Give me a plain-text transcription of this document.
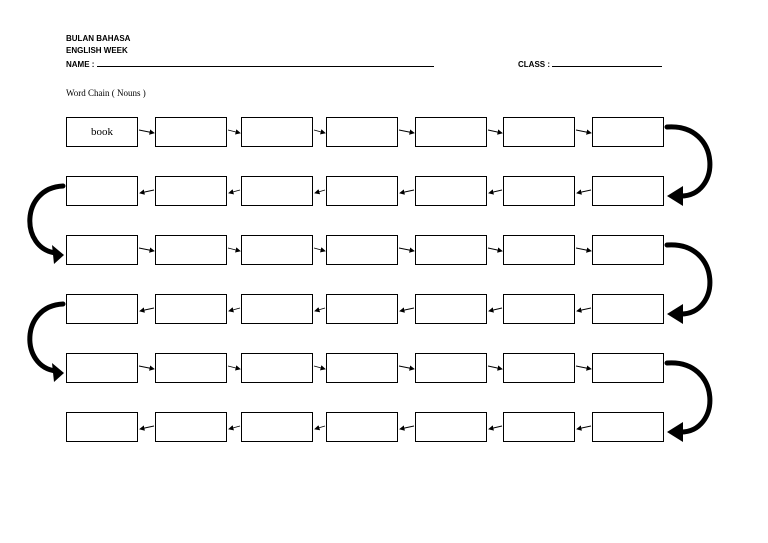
BULAN BAHASA
ENGLISH WEEK
NAME :	CLASS :
Word Chain ( Nouns )
book
